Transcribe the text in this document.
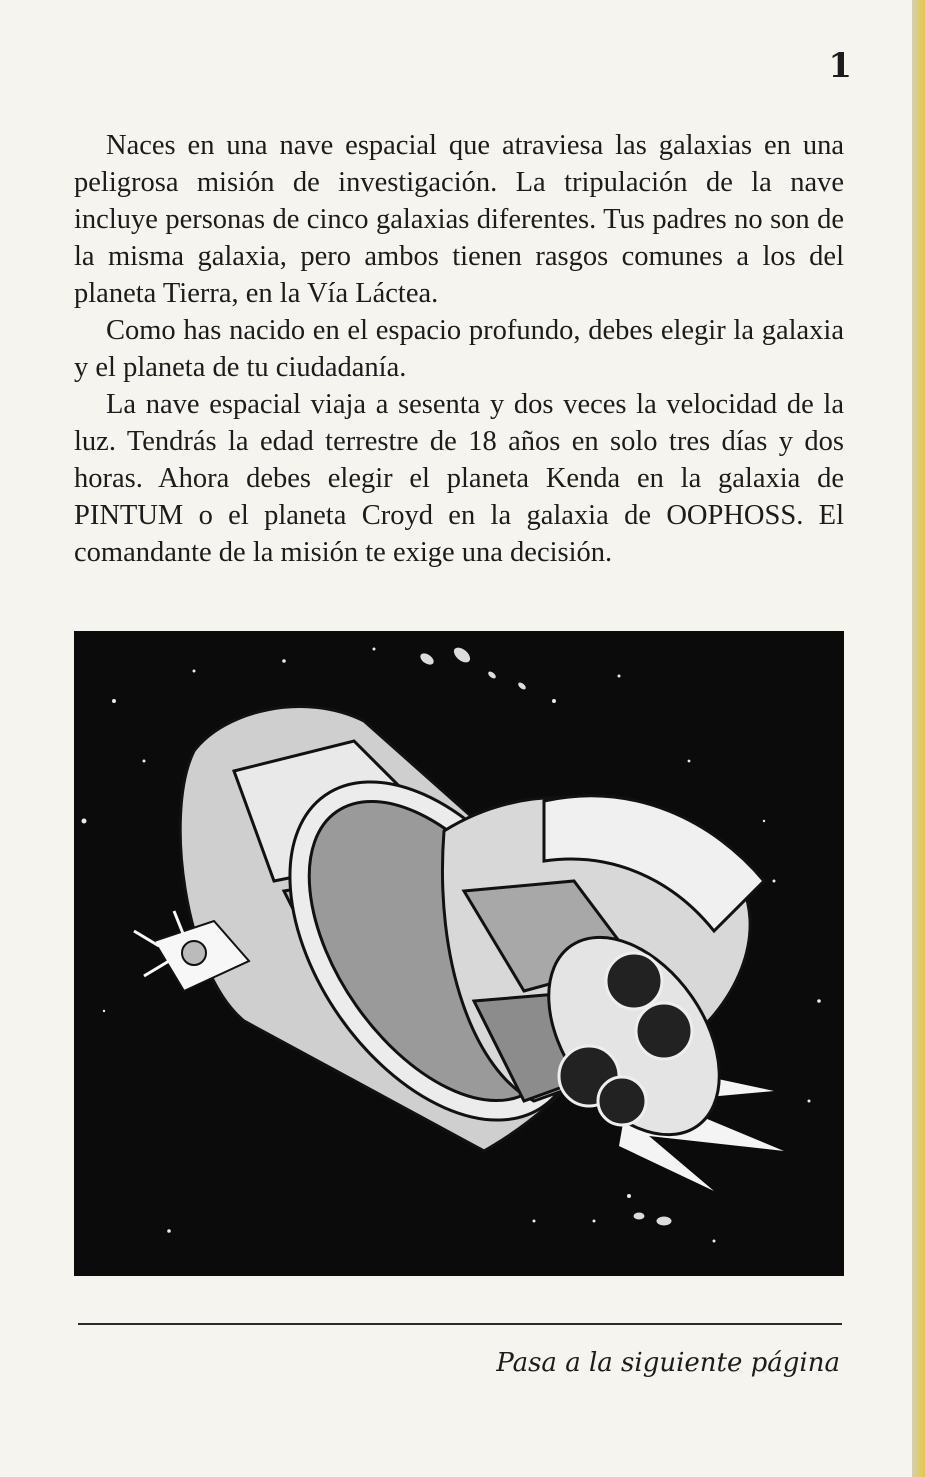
1

Naces en una nave espacial que atraviesa las galaxias en una peligrosa misión de investigación. La tripulación de la nave incluye personas de cinco galaxias diferentes. Tus padres no son de la misma galaxia, pero ambos tienen rasgos comunes a los del planeta Tierra, en la Vía Láctea.

Como has nacido en el espacio profundo, debes elegir la galaxia y el planeta de tu ciudadanía.

La nave espacial viaja a sesenta y dos veces la velocidad de la luz. Tendrás la edad terrestre de 18 años en solo tres días y dos horas. Ahora debes elegir el planeta Kenda en la galaxia de PINTUM o el planeta Croyd en la galaxia de OOPHOSS. El comandante de la misión te exige una decisión.

Pasa a la siguiente página
